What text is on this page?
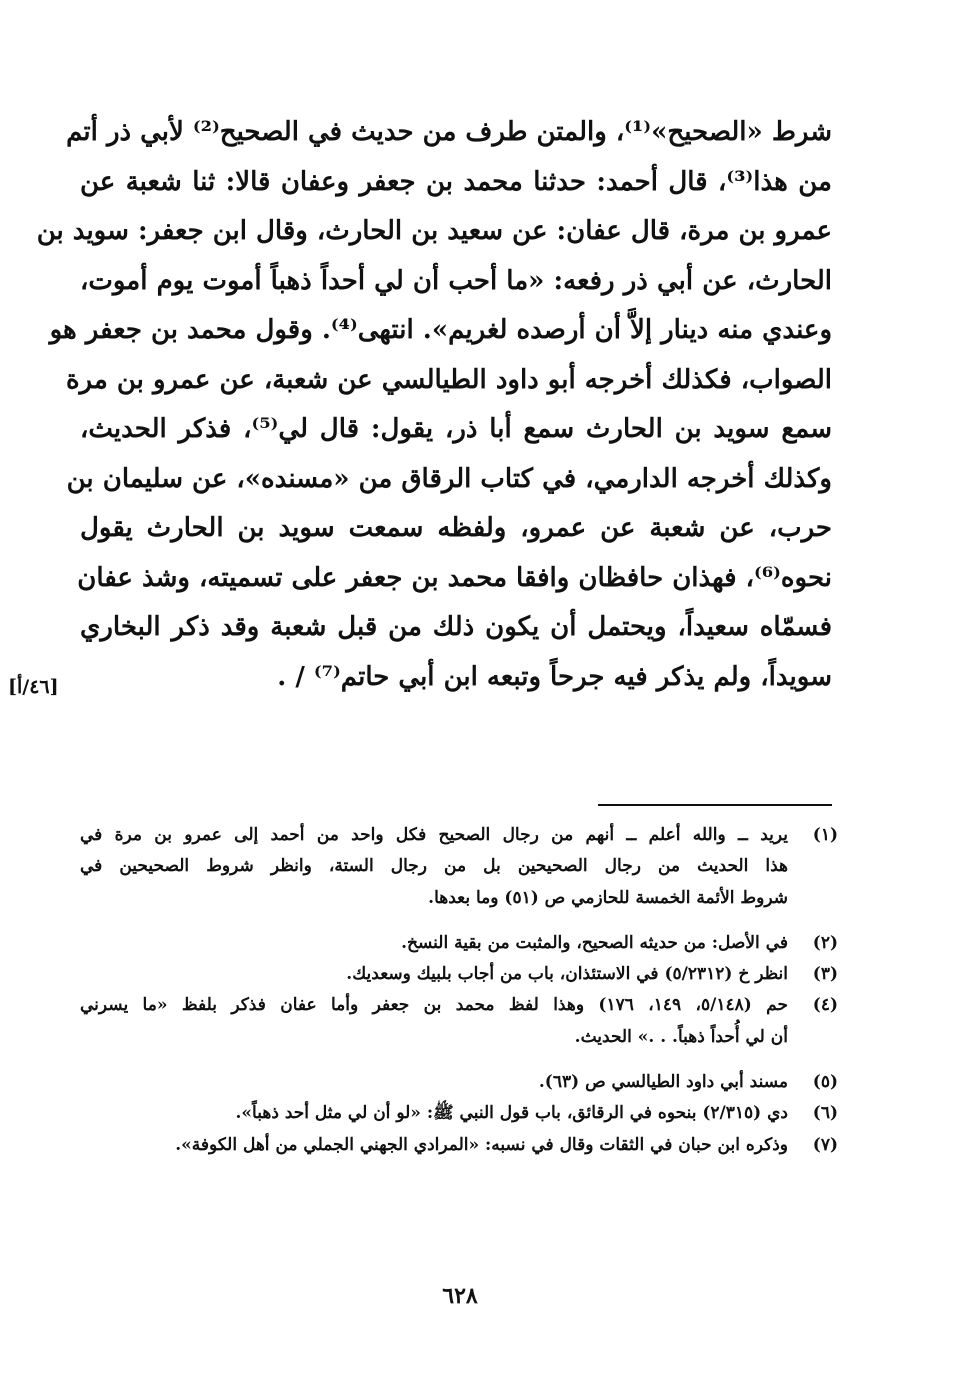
شرط «الصحيح»⁽¹⁾، والمتن طرف من حديث في الصحيح⁽²⁾ لأبي ذر أتم
من هذا⁽³⁾، قال أحمد: حدثنا محمد بن جعفر وعفان قالا: ثنا شعبة عن
عمرو بن مرة، قال عفان: عن سعيد بن الحارث، وقال ابن جعفر: سويد بن
الحارث، عن أبي ذر رفعه: «ما أحب أن لي أحداً ذهباً أموت يوم أموت،
وعندي منه دينار إلاَّ أن أرصده لغريم». انتهى⁽⁴⁾. وقول محمد بن جعفر هو
الصواب، فكذلك أخرجه أبو داود الطيالسي عن شعبة، عن عمرو بن مرة
سمع سويد بن الحارث سمع أبا ذر، يقول: قال لي⁽⁵⁾، فذكر الحديث،
وكذلك أخرجه الدارمي، في كتاب الرقاق من «مسنده»، عن سليمان بن
حرب، عن شعبة عن عمرو، ولفظه سمعت سويد بن الحارث يقول
نحوه⁽⁶⁾، فهذان حافظان وافقا محمد بن جعفر على تسميته، وشذ عفان
فسمّاه سعيداً، ويحتمل أن يكون ذلك من قبل شعبة وقد ذكر البخاري
سويداً، ولم يذكر فيه جرحاً وتبعه ابن أبي حاتم⁽⁷⁾ / .
[٤٦/أ]
(١)
يريد ــ والله أعلم ــ أنهم من رجال الصحيح فكل واحد من أحمد إلى عمرو بن مرة في
هذا الحديث من رجال الصحيحين بل من رجال الستة، وانظر شروط الصحيحين في
شروط الأئمة الخمسة للحازمي ص (٥١) وما بعدها.
(٢)
في الأصل: من حديثه الصحيح، والمثبت من بقية النسخ.
(٣)
انظر خ (٥/٢٣١٢) في الاستئذان، باب من أجاب بلبيك وسعديك.
(٤)
حم (٥/١٤٨، ١٤٩، ١٧٦) وهذا لفظ محمد بن جعفر وأما عفان فذكر بلفظ «ما يسرني
أن لي أُحداً ذهباً. . .» الحديث.
(٥)
مسند أبي داود الطيالسي ص (٦٣).
(٦)
دي (٢/٣١٥) بنحوه في الرقائق، باب قول النبي ﷺ: «لو أن لي مثل أحد ذهباً».
(٧)
وذكره ابن حبان في الثقات وقال في نسبه: «المرادي الجهني الجملي من أهل الكوفة».
٦٢٨
